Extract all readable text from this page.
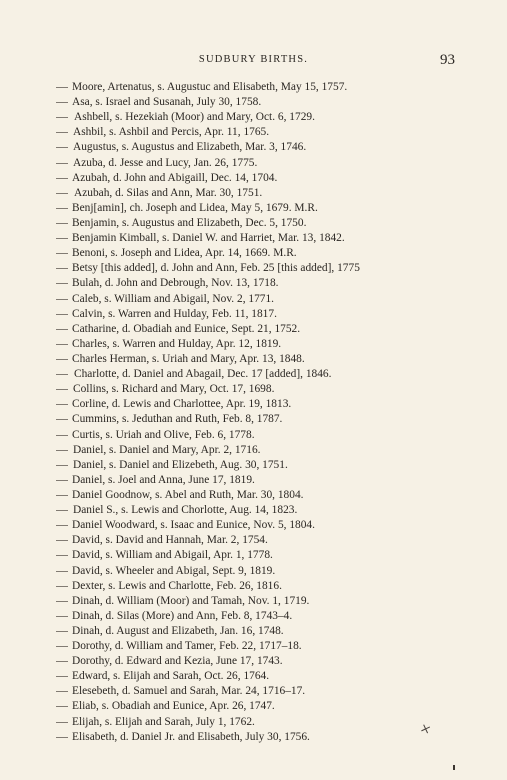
SUDBURY BIRTHS.	93
Moore, Artenatus, s. Augustuc and Elisabeth, May 15, 1757.
Asa, s. Israel and Susanah, July 30, 1758.
Ashbell, s. Hezekiah (Moor) and Mary, Oct. 6, 1729.
Ashbil, s. Ashbil and Percis, Apr. 11, 1765.
Augustus, s. Augustus and Elizabeth, Mar. 3, 1746.
Azuba, d. Jesse and Lucy, Jan. 26, 1775.
Azubah, d. John and Abigaill, Dec. 14, 1704.
Azubah, d. Silas and Ann, Mar. 30, 1751.
Benj[amin], ch. Joseph and Lidea, May 5, 1679. M.R.
Benjamin, s. Augustus and Elizabeth, Dec. 5, 1750.
Benjamin Kimball, s. Daniel W. and Harriet, Mar. 13, 1842.
Benoni, s. Joseph and Lidea, Apr. 14, 1669. M.R.
Betsy [this added], d. John and Ann, Feb. 25 [this added], 1775
Bulah, d. John and Debrough, Nov. 13, 1718.
Caleb, s. William and Abigail, Nov. 2, 1771.
Calvin, s. Warren and Hulday, Feb. 11, 1817.
Catharine, d. Obadiah and Eunice, Sept. 21, 1752.
Charles, s. Warren and Hulday, Apr. 12, 1819.
Charles Herman, s. Uriah and Mary, Apr. 13, 1848.
Charlotte, d. Daniel and Abagail, Dec. 17 [added], 1846.
Collins, s. Richard and Mary, Oct. 17, 1698.
Corline, d. Lewis and Charlottee, Apr. 19, 1813.
Cummins, s. Jeduthan and Ruth, Feb. 8, 1787.
Curtis, s. Uriah and Olive, Feb. 6, 1778.
Daniel, s. Daniel and Mary, Apr. 2, 1716.
Daniel, s. Daniel and Elizebeth, Aug. 30, 1751.
Daniel, s. Joel and Anna, June 17, 1819.
Daniel Goodnow, s. Abel and Ruth, Mar. 30, 1804.
Daniel S., s. Lewis and Chorlotte, Aug. 14, 1823.
Daniel Woodward, s. Isaac and Eunice, Nov. 5, 1804.
David, s. David and Hannah, Mar. 2, 1754.
David, s. William and Abigail, Apr. 1, 1778.
David, s. Wheeler and Abigal, Sept. 9, 1819.
Dexter, s. Lewis and Charlotte, Feb. 26, 1816.
Dinah, d. William (Moor) and Tamah, Nov. 1, 1719.
Dinah, d. Silas (More) and Ann, Feb. 8, 1743–4.
Dinah, d. August and Elizabeth, Jan. 16, 1748.
Dorothy, d. William and Tamer, Feb. 22, 1717–18.
Dorothy, d. Edward and Kezia, June 17, 1743.
Edward, s. Elijah and Sarah, Oct. 26, 1764.
Elesebeth, d. Samuel and Sarah, Mar. 24, 1716–17.
Eliab, s. Obadiah and Eunice, Apr. 26, 1747.
Elijah, s. Elijah and Sarah, July 1, 1762.
Elisabeth, d. Daniel Jr. and Elisabeth, July 30, 1756.	×
